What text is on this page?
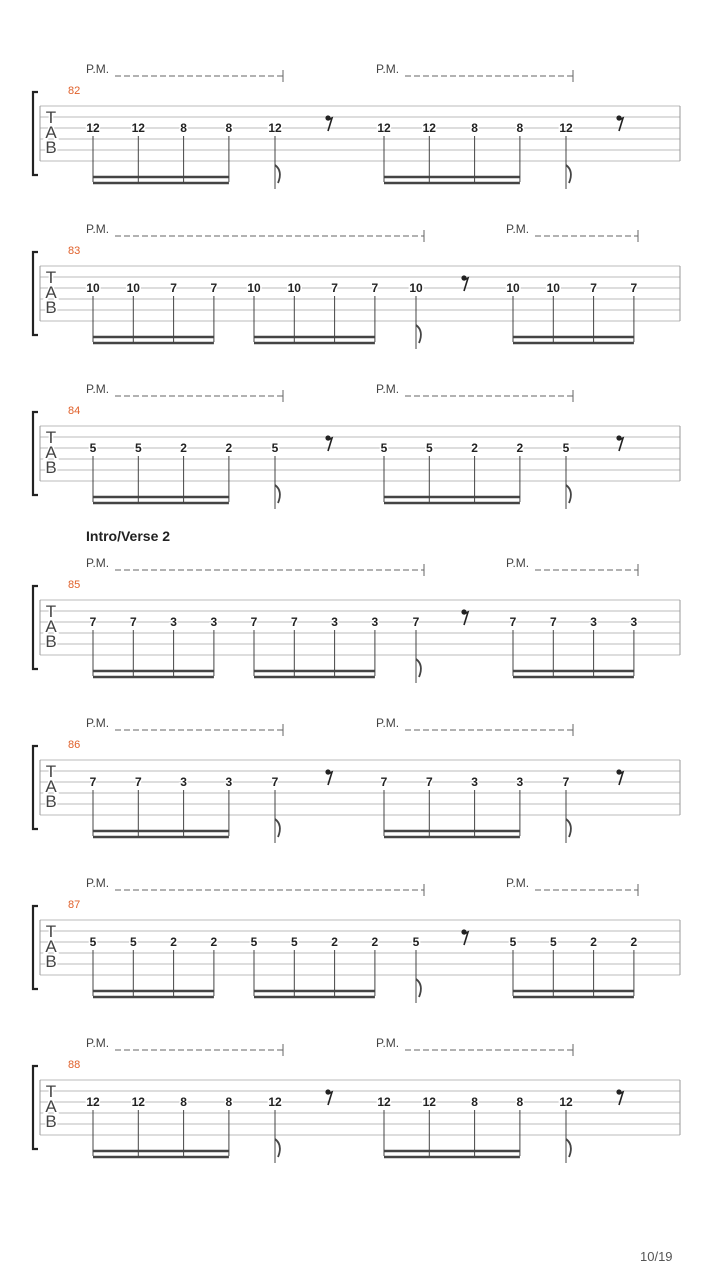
T
A
B
82
P.M.	P.M.
12	12	8	8	12	12	12	8	8	12
T
A
B
83
P.M.	P.M.
10 10	7	7	10 10	7	7	10	10 10	7	7
T
A
B
84
P.M.	P.M.
5	5	2	2	5	5	5	2	2	5
T
A
B
85
Intro/Verse 2
P.M.	P.M.
7	7	3	3	7	7	3	3	7	7	7	3	3
T
A
B
86
P.M.	P.M.
7	7	3	3	7	7	7	3	3	7
T
A
B
87
P.M.	P.M.
5	5	2	2	5	5	2	2	5	5	5	2	2
T
A
B
88
P.M.	P.M.
12	12	8	8	12	12	12	8	8	12
10/19
